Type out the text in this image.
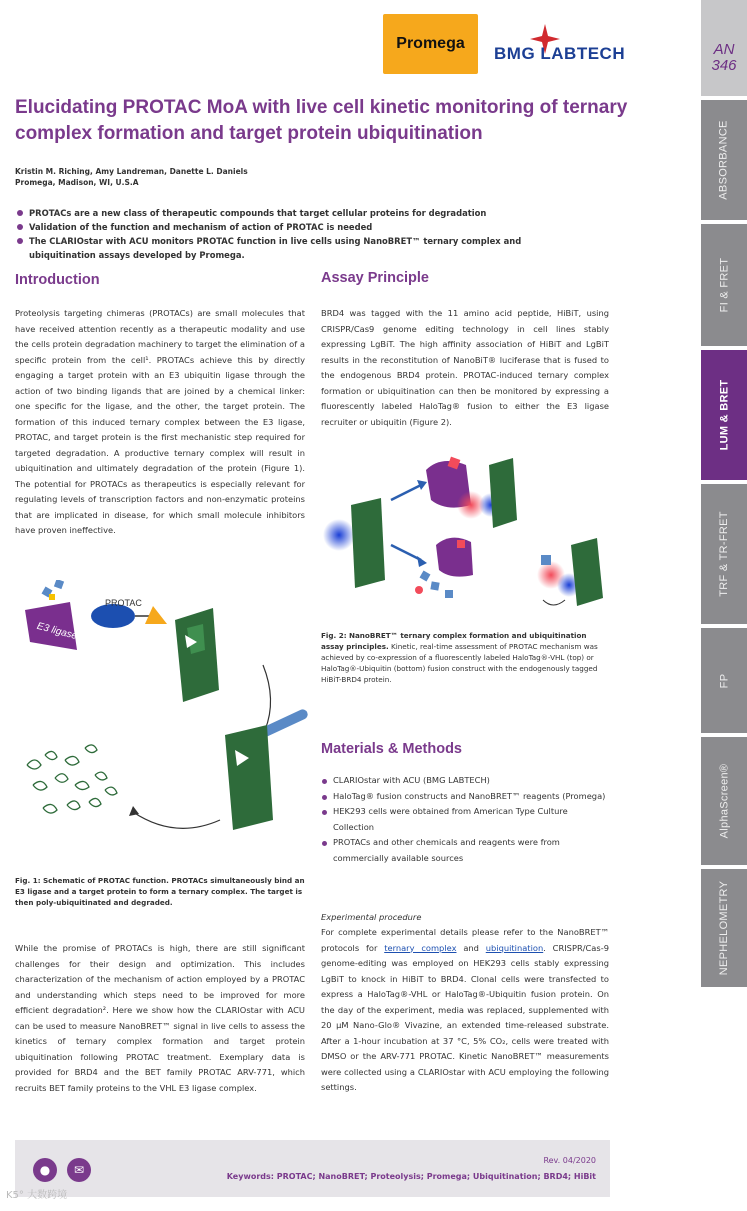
Promega
BMG LABTECH
Elucidating PROTAC MoA with live cell kinetic monitoring of ternary complex formation and target protein ubiquitination
Kristin M. Riching, Amy Landreman, Danette L. Daniels
Promega, Madison, WI, U.S.A
PROTACs are a new class of therapeutic compounds that target cellular proteins for degradation
Validation of the function and mechanism of action of PROTAC is needed
The CLARIOstar with ACU monitors PROTAC function in live cells using NanoBRET™ ternary complex and ubiquitination assays developed by Promega.
Introduction

Proteolysis targeting chimeras (PROTACs) are small molecules that have received attention recently as a therapeutic modality and use the cells protein degradation machinery to target the elimination of a specific protein from the cell¹. PROTACs achieve this by directly engaging a target protein with an E3 ubiquitin ligase through the action of two binding ligands that are joined by a chemical linker: one specific for the ligase, and the other, the target protein. The formation of this induced ternary complex between the E3 ligase, PROTAC, and target protein is the first mechanistic step required for targeted degradation. A productive ternary complex will result in ubiquitination and ultimately degradation of the protein (Figure 1). The potential for PROTACs as therapeutics is especially relevant for regulating levels of transcription factors and non-enzymatic proteins that are implicated in disease, for which small molecule inhibitors have proven ineffective.

E3 ligase
PROTAC
Fig. 1: Schematic of PROTAC function. PROTACs simultaneously bind an E3 ligase and a target protein to form a ternary complex. The target is then poly-ubiquitinated and degraded.

While the promise of PROTACs is high, there are still significant challenges for their design and optimization. This includes characterization of the mechanism of action employed by a PROTAC and understanding which steps need to be improved for more efficient degradation². Here we show how the CLARIOstar with ACU can be used to measure NanoBRET™ signal in live cells to assess the kinetics of ternary complex formation and target protein ubiquitination following PROTAC treatment. Exemplary data is provided for BRD4 and the BET family PROTAC ARV-771, which recruits BET family proteins to the VHL E3 ligase complex.

Assay Principle

BRD4 was tagged with the 11 amino acid peptide, HiBiT, using CRISPR/Cas9 genome editing technology in cell lines stably expressing LgBiT. The high affinity association of HiBiT and LgBiT results in the reconstitution of NanoBiT® luciferase that is fused to the endogenous BRD4 protein. PROTAC-induced ternary complex formation or ubiquitination can then be monitored by expressing a fluorescently labeled HaloTag® fusion to either the E3 ligase recruiter or ubiquitin (Figure 2).

Fig. 2: NanoBRET™ ternary complex formation and ubiquitination assay principles. Kinetic, real-time assessment of PROTAC mechanism was achieved by co-expression of a fluorescently labeled HaloTag®-VHL (top) or HaloTag®-Ubiquitin (bottom) fusion construct with the endogenously tagged HiBiT-BRD4 protein.
Materials & Methods
CLARIOstar with ACU (BMG LABTECH)
HaloTag® fusion constructs and NanoBRET™ reagents (Promega)
HEK293 cells were obtained from American Type Culture Collection
PROTACs and other chemicals and reagents were from commercially available sources
Experimental procedure

For complete experimental details please refer to the NanoBRET™ protocols for ternary complex and ubiquitination. CRISPR/Cas-9 genome-editing was employed on HEK293 cells stably expressing LgBiT to knock in HiBiT to BRD4. Clonal cells were transfected to express a HaloTag®-VHL or HaloTag®-Ubiquitin fusion protein. On the day of the experiment, media was replaced, supplemented with 20 µM Nano-Glo® Vivazine, an extended time-released substrate. After a 1-hour incubation at 37 °C, 5% CO₂, cells were treated with DMSO or the ARV-771 PROTAC. Kinetic NanoBRET™ measurements were collected using a CLARIOstar with ACU employing the following settings.

●	✉
Rev. 04/2020
Keywords: PROTAC; NanoBRET; Proteolysis; Promega; Ubiquitination; BRD4; HiBit
K5° 大数跨境
AN
346
ABSORBANCE
FI & FRET
LUM & BRET
TRF & TR-FRET
FP
AlphaScreen®
NEPHELOMETRY
